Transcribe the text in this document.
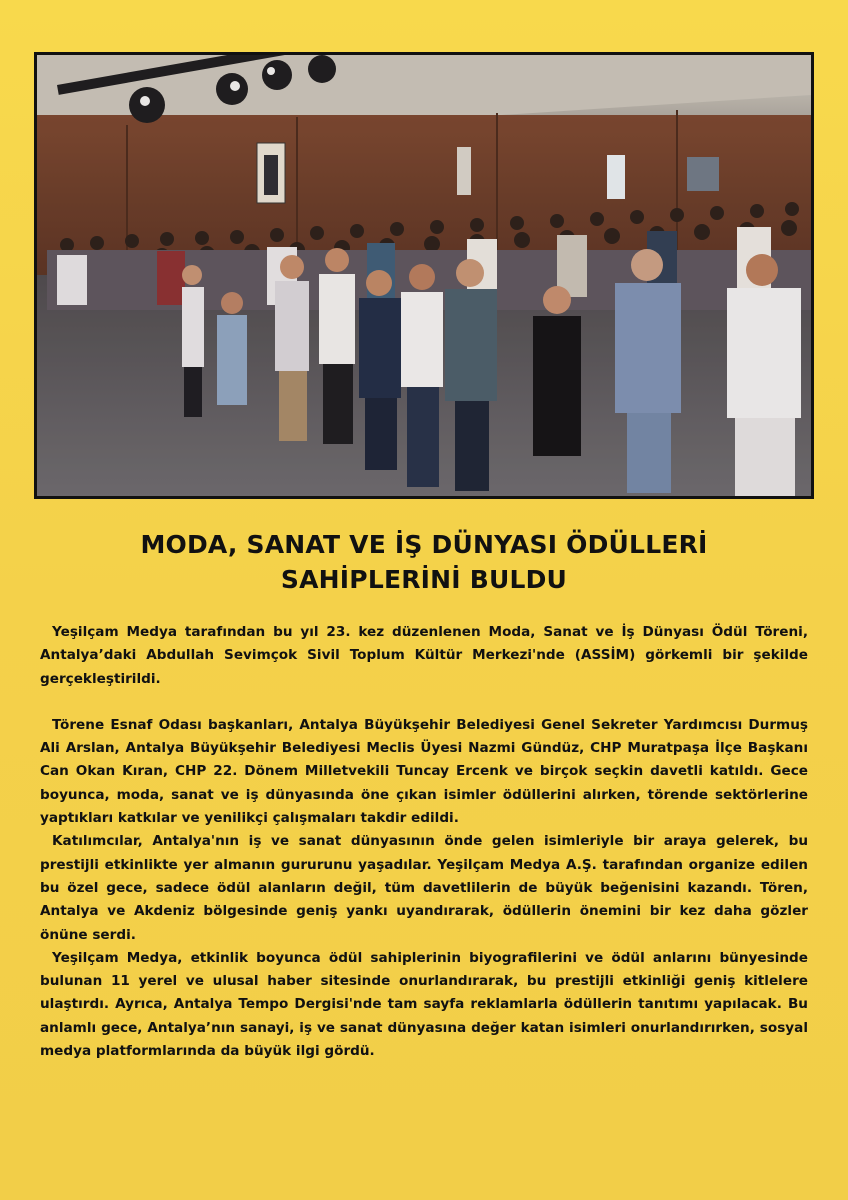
MODA, SANAT VE İŞ DÜNYASI ÖDÜLLERİ
SAHİPLERİNİ BULDU

Yeşilçam Medya tarafından bu yıl 23. kez düzenlenen Moda, Sanat ve İş Dünyası Ödül Töreni, Antalya’daki Abdullah Sevimçok Sivil Toplum Kültür Merkezi'nde (ASSİM) görkemli bir şekilde gerçekleştirildi.

Törene Esnaf Odası başkanları, Antalya Büyükşehir Belediyesi Genel Sekreter Yardımcısı Durmuş Ali Arslan, Antalya Büyükşehir Belediyesi Meclis Üyesi Nazmi Gündüz, CHP Muratpaşa İlçe Başkanı Can Okan Kıran, CHP 22. Dönem Milletvekili Tuncay Ercenk ve birçok seçkin davetli katıldı. Gece boyunca, moda, sanat ve iş dünyasında öne çıkan isimler ödüllerini alırken, törende sektörlerine yaptıkları katkılar ve yenilikçi çalışmaları takdir edildi.

Katılımcılar, Antalya'nın iş ve sanat dünyasının önde gelen isimleriyle bir araya gelerek, bu prestijli etkinlikte yer almanın gururunu yaşadılar. Yeşilçam Medya A.Ş. tarafından organize edilen bu özel gece, sadece ödül alanların değil, tüm davetlilerin de büyük beğenisini kazandı. Tören, Antalya ve Akdeniz bölgesinde geniş yankı uyandırarak, ödüllerin önemini bir kez daha gözler önüne serdi.

Yeşilçam Medya, etkinlik boyunca ödül sahiplerinin biyografilerini ve ödül anlarını bünyesinde bulunan 11 yerel ve ulusal haber sitesinde onurlandırarak, bu prestijli etkinliği geniş kitlelere ulaştırdı. Ayrıca, Antalya Tempo Dergisi'nde tam sayfa reklamlarla ödüllerin tanıtımı yapılacak. Bu anlamlı gece, Antalya’nın sanayi, iş ve sanat dünyasına değer katan isimleri onurlandırırken, sosyal medya platformlarında da büyük ilgi gördü.
